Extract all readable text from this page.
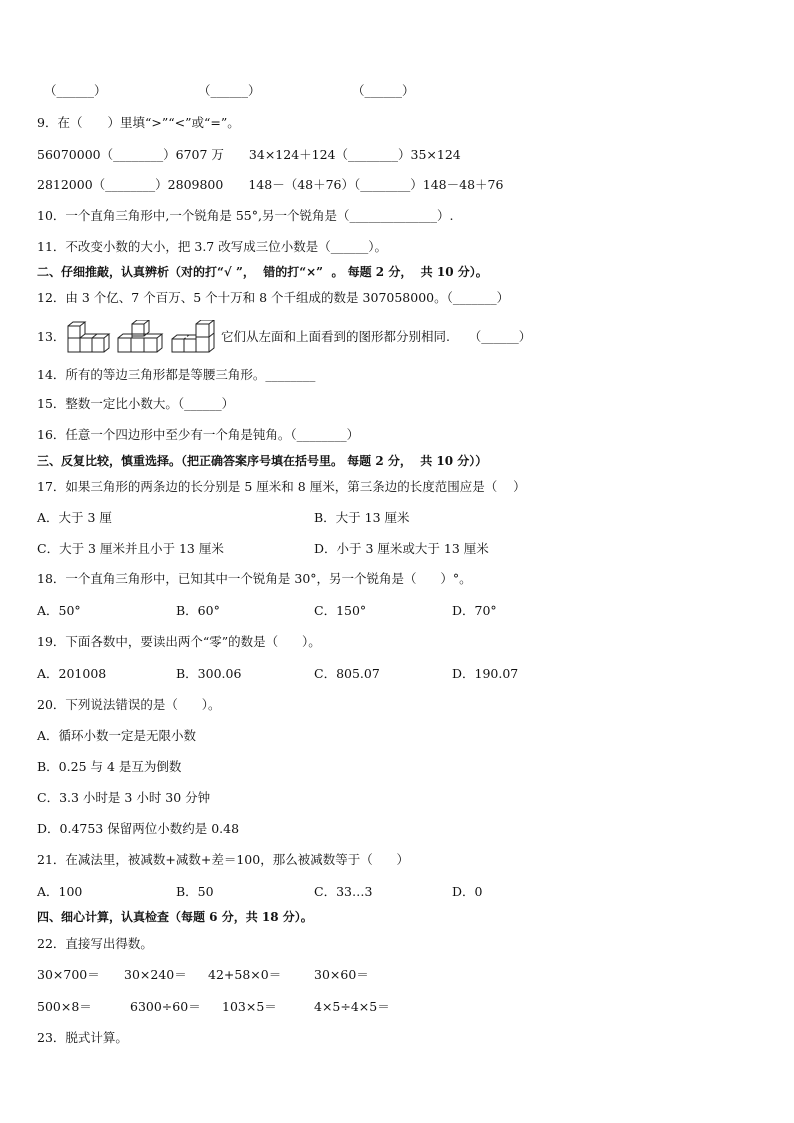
（______）	（______）	（______）
9．在（　　）里填“>”“<”或“=”。
56070000（________）6707 万　　34×124＋124（________）35×124
2812000（________）2809800　　148－（48＋76）（________）148－48＋76
10．一个直角三角形中,一个锐角是 55°,另一个锐角是（______________）.
11．不改变小数的大小，把 3.7 改写成三位小数是（______）。
二、仔细推敲，认真辨析（对的打“√ ”，  错的打“×”  。 每题 2 分，  共 10 分）。
12．由 3 个亿、7 个百万、5 个十万和 8 个千组成的数是 307058000。（_______）
13．	它们从左面和上面看到的图形都分别相同.　　（______）
14．所有的等边三角形都是等腰三角形。________
15．整数一定比小数大。（______）
16．任意一个四边形中至少有一个角是钝角。（________）
三、反复比较，慎重选择。（把正确答案序号填在括号里。 每题 2 分，  共 10 分））
17．如果三角形的两条边的长分别是 5 厘米和 8 厘米，第三条边的长度范围应是（    ）
A．大于 3 厘	B．大于 13 厘米
C．大于 3 厘米并且小于 13 厘米	D．小于 3 厘米或大于 13 厘米
18．一个直角三角形中，已知其中一个锐角是 30°，另一个锐角是（      ）°。
A．50°	B．60°	C．150°	D．70°
19．下面各数中，要读出两个“零”的数是（      ）。
A．201008	B．300.06	C．805.07	D．190.07
20．下列说法错误的是（      ）。
A．循环小数一定是无限小数
B．0.25 与 4 是互为倒数
C．3.3 小时是 3 小时 30 分钟
D．0.4753 保留两位小数约是 0.48
21．在减法里，被减数+减数+差＝100，那么被减数等于（      ）
A．100	B．50	C．33…3	D．0
四、细心计算，认真检查（每题 6 分，共 18 分）。
22．直接写出得数。
30×700＝ 30×240＝ 42+58×0＝	30×60＝
500×8＝	6300÷60＝ 103×5＝	4×5÷4×5＝
23．脱式计算。
